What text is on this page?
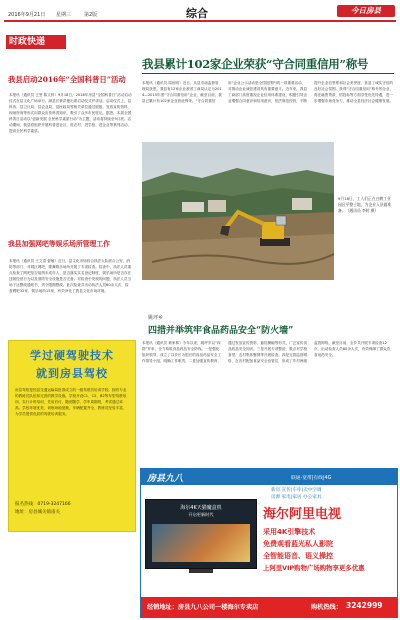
2016年9月21日 星期三	第2版	综合	今日房县
时政快递
我县启动2016年“全国科普日”活动
本报讯（通讯员 王誉 陈文科）9月18日，2016年房县“全国科普日”活动启动仪式在县文化广场举行。副县长黄洪艳出席启动仪式并讲话。启动仪式上，县科协、县卫计局、县农业局、县民政局等相关单位通过展板、发放宣传资料、现场咨询等形式向群众宣传科普知识，吸引了众多市民驻足。据悉，本届全国科普日活动以“创新发展 全民科学素质行动”为主题，活动将持续至9月底。活动期间，我县将组织开展科普进社区、进农村、进学校、进企业等系列活动，提高全民科学素质。
我县加强网吧等娱乐场所管理工作
本报讯（通讯员 王文清 晏敏）近日，县文化市场综合执法大队联合公安、消防等部门，对城区网吧、歌舞娱乐场所开展了专项检查。检查中，执法人员重点检查了网吧是否接纳未成年人、是否落实实名登记制度，娱乐场所是否存在违规经营行为以及消防安全设施是否完备。对检查中发现的问题，执法人员当场下达整改通知书，责令限期整改。此次检查共出动执法人员60余人次，检查网吧32家、娱乐场所15家，有效净化了我县文化市场环境。
学过硬驾驶技术
就到房县驾校
房县驾校是经县交通运输局批准成立的一级驾驶员培训学校，拥有专业的教练员队伍和完善的教学设施。学校开设C1、C2、B2等车型驾驶培训，实行计时培训、先培后付，随到随学，学车周期短，考试通过率高。学校环境优美，训练场地宽敞，车辆配置齐全，教练员经验丰富，为学员提供优质的驾驶培训服务。
报名热线：0719-3247166
地址：房县城关镇南关
我县累计102家企业荣获“守合同重信用”称号
本报讯（通讯员 周世明）近日，从县市场监督管理局获悉，我县有12家企业被省工商局认定为2014—2015年度“守合同重信用”企业，截至目前，我县已累计有102家企业获此殊荣。“守合同重信用”企业公示活动是全国范围内的一项重要活动，对推动企业诚信建设具有重要意义。近年来，我县工商部门高度重视企业信用体系建设，积极引导企业增强合同意识和信用意识，依法规范经营，不断提升企业信誉度和社会美誉度，营造了诚实守信的良好社会氛围。获得“守合同重信用”称号的企业，将在融资贷款、招投标等方面享受优先待遇，进一步增强市场竞争力，推动全县经济社会健康发展。
9月18日，工人们正在白鹤工业园区平整土地，为企业入驻做准备。（通讯员 李时 摄）
姚坪乡
四措并举筑牢食品药品安全“防火墙”
本报讯（通讯员 黄家林）今年以来，姚坪乡以“四措”并举，全力构筑食品药品安全防线。一是强化组织领导，成立了以乡长为组长的食品药品安全工作领导小组，明确工作职责。二是加强宣传教育，通过发放宣传资料、悬挂横幅等形式，广泛宣传食品药品安全知识。三是开展专项整治，重点对学校食堂、农村集体聚餐等开展检查。四是完善监管网络，在各村配备食品安全协管员，形成了乡村两级监管网络。截至目前，全乡共开展专项检查12次，出动检查人员80余人次，有效保障了群众饮食用药安全。
房县九八	联通·宽带|有线|4G
新房 宣传|车库|卖中空调
房源 家电|家居 办公家具
海尔4K天猫魔盒机
开启更新时代	海尔阿里电视
采用4K引擎技术
免费观看蓝光私人影院
全智能语音、语义操控
上阿里VIP购物广场购物享更多优惠
经销地址：房县九八公司一楼海尔专卖店	购机热线： 3242999
